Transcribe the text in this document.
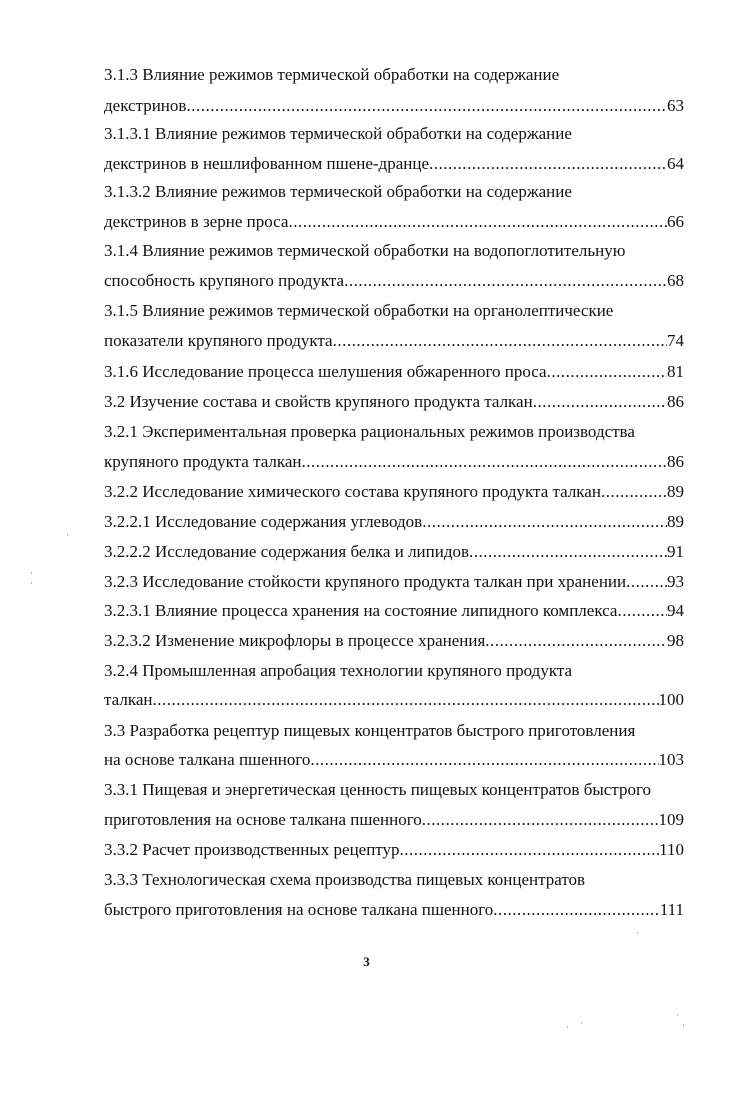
3.1.3 Влияние режимов термической обработки на содержание
декстринов .....	63
3.1.3.1 Влияние режимов термической обработки на содержание
декстринов в нешлифованном пшене-дранце .....	64
3.1.3.2 Влияние режимов термической обработки на содержание
декстринов в зерне проса .....	66
3.1.4 Влияние режимов термической обработки на водопоглотительную
способность крупяного продукта .....	68
3.1.5 Влияние режимов термической обработки на органолептические
показатели крупяного продукта .....	74
3.1.6 Исследование процесса шелушения обжаренного проса .....	81
3.2 Изучение состава и свойств крупяного продукта талкан .....	86
3.2.1 Экспериментальная проверка рациональных режимов производства
крупяного продукта талкан .....	86
3.2.2 Исследование химического состава крупяного продукта талкан .....	89
3.2.2.1 Исследование содержания углеводов .....	89
3.2.2.2 Исследование содержания белка и липидов .....	91
3.2.3 Исследование стойкости крупяного продукта талкан при хранении ..... 93
3.2.3.1 Влияние процесса хранения на состояние липидного комплекса .....	94
3.2.3.2 Изменение микрофлоры в процессе хранения .....	98
3.2.4 Промышленная апробация технологии крупяного продукта
талкан .....	100
3.3 Разработка рецептур пищевых концентратов быстрого приготовления
на основе талкана пшенного .....	103
3.3.1 Пищевая и энергетическая ценность пищевых концентратов быстрого
приготовления на основе талкана пшенного .....	109
3.3.2 Расчет производственных рецептур .....	110
3.3.3 Технологическая схема производства пищевых концентратов
быстрого приготовления на основе талкана пшенного .....	111
3
·
·
·
· ·
·
·
·
